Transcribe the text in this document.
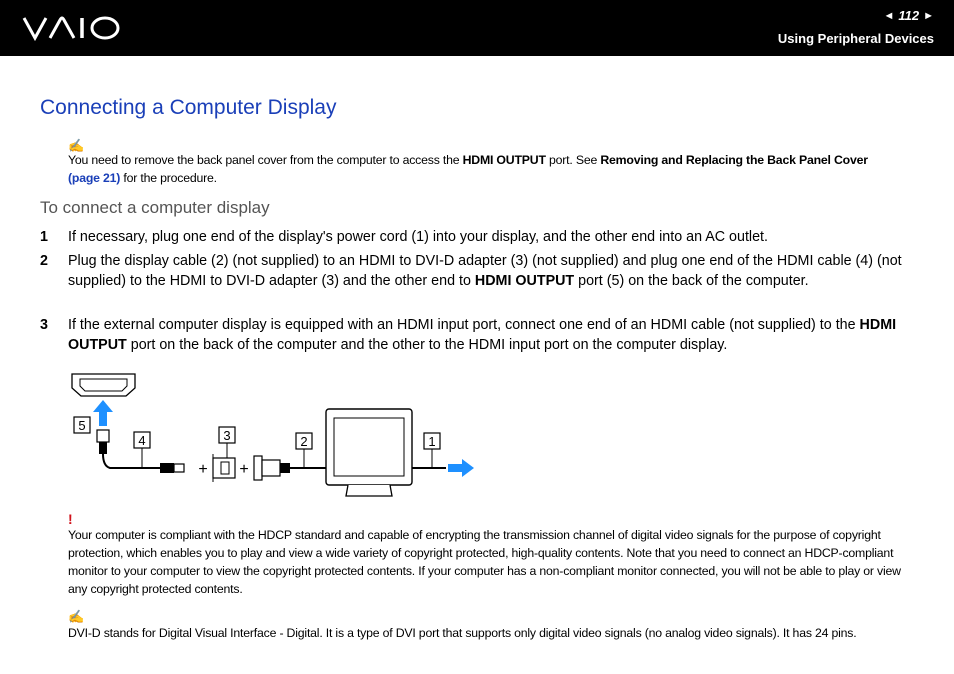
◄ 112 ►
Using Peripheral Devices
Connecting a Computer Display
✍
You need to remove the back panel cover from the computer to access the HDMI OUTPUT port. See Removing and Replacing the Back Panel Cover
(page 21) for the procedure.
To connect a computer display
1 If necessary, plug one end of the display's power cord (1) into your display, and the other end into an AC outlet.
2 Plug the display cable (2) (not supplied) to an HDMI to DVI-D adapter (3) (not supplied) and plug one end of the HDMI cable (4) (not supplied) to the HDMI to DVI-D adapter (3) and the other end to HDMI OUTPUT port (5) on the back of the computer.
3 If the external computer display is equipped with an HDMI input port, connect one end of an HDMI cable (not supplied) to the HDMI OUTPUT port on the back of the computer and the other to the HDMI input port on the computer display.
5
4
+
3
+
2	1
!
Your computer is compliant with the HDCP standard and capable of encrypting the transmission channel of digital video signals for the purpose of copyright protection, which enables you to play and view a wide variety of copyright protected, high-quality contents. Note that you need to connect an HDCP-compliant monitor to your computer to view the copyright protected contents. If your computer has a non-compliant monitor connected, you will not be able to play or view any copyright protected contents.
✍
DVI-D stands for Digital Visual Interface - Digital. It is a type of DVI port that supports only digital video signals (no analog video signals). It has 24 pins.
